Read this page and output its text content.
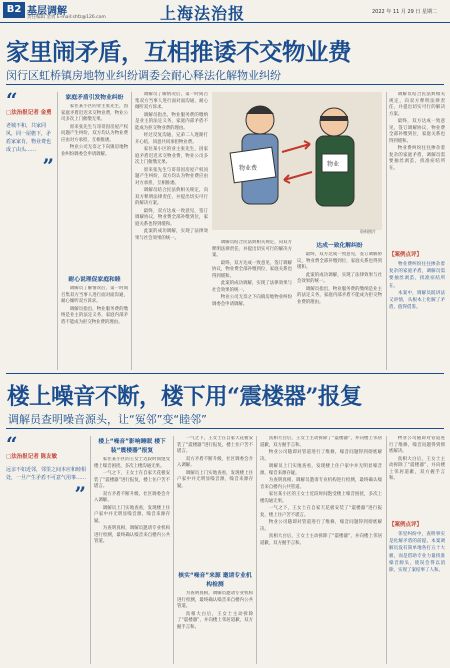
B2 基层调解
责任编辑 金勇 E-mail:shfz@126.com	上海法治报	2022 年 11 月 29 日 星期二
家里闹矛盾，互相推诿不交物业费
闵行区虹桥镇房地物业纠纷调委会耐心释法化解物业纠纷
“
□法治报记者 金勇
老城不和，共家同风，同一屋檐下，矛盾家家有，物业费也成了由头……
”
家庭矛盾引发物业纠纷

家住某小区的业主张先生，因家庭矛盾迟迟未交物业费，物业公司多次上门催缴无果。

原来张先生与哥哥因房屋产权问题产生纠纷，双方均认为物业费应由对方承担，互相推诿。

物业公司无奈之下向镇房地物业纠纷调委会申请调解。

耐心说理促家庭和睦

调解员了解情况后，第一时间召集双方当事人进行面对面沟通，耐心倾听双方诉求。

调解员指出，物业服务费的缴纳是业主的法定义务，家庭内部矛盾不能成为拒交物业费的理由。

调解员了解情况后，第一时间召集双方当事人进行面对面沟通，耐心倾听双方诉求。

调解员指出，物业服务费的缴纳是业主的法定义务，家庭内部矛盾不能成为拒交物业费的理由。

经过反复沟通，兄弟二人逐渐打开心结，同意共同承担物业费。

家住某小区的业主张先生，因家庭矛盾迟迟未交物业费，物业公司多次上门催缴无果。

原来张先生与哥哥因房屋产权问题产生纠纷，双方均认为物业费应由对方承担，互相推诿。

调解员结合民法典相关规定，向双方释明法律责任，并提出切实可行的解决方案。

最终，双方达成一致意见，签订调解协议，物业费全部补缴到位，家庭关系也得到缓和。

此案的成功调解，实现了法律效果与社会效果的统一。

物业费
物业
资料图片

调解员结合民法典相关规定，向双方释明法律责任，并提出切实可行的解决方案。

最终，双方达成一致意见，签订调解协议，物业费全部补缴到位，家庭关系也得到缓和。

此案的成功调解，实现了法律效果与社会效果的统一。

物业公司无奈之下向镇房地物业纠纷调委会申请调解。

达成一致化解纠纷

最终，双方达成一致意见，签订调解协议，物业费全部补缴到位，家庭关系也得到缓和。

此案的成功调解，实现了法律效果与社会效果的统一。

调解员指出，物业服务费的缴纳是业主的法定义务，家庭内部矛盾不能成为拒交物业费的理由。

调解员结合民法典相关规定，向双方释明法律责任，并提出切实可行的解决方案。

最终，双方达成一致意见，签订调解协议，物业费全部补缴到位，家庭关系也得到缓和。

物业费纠纷往往掺杂着复杂的家庭矛盾，调解员需要抽丝剥茧，找准症结所在。

【案例点评】

物业费纠纷往往掺杂着复杂的家庭矛盾，调解员需要抽丝剥茧，找准症结所在。

本案中，调解员既讲法又讲情，从根本上化解了矛盾，值得借鉴。

楼上噪音不断，楼下用“震楼器”报复
调解员查明噪音源头，让“冤邻”变“睦邻”
“
□法治报记者 陈友敏
远亲不如近邻，邻里之间本应和睦相处，一旦产生矛盾不可意气用事……
”
楼上“噪音”影响睡眠 楼下装“震楼器”报复

家住某小区的王女士近段时间饱受楼上噪音困扰，多次上楼沟通无果。

一气之下，王女士在自家天花板安装了“震楼器”进行报复，楼上住户苦不堪言。

双方矛盾不断升级，社区调委会介入调解。

调解员上门实地查看，发现楼上住户家中并无明显噪音源，噪音来源存疑。

为查明真相，调解员邀请专业机构进行检测，最终确认噪音来自楼内公共管道。

一气之下，王女士在自家天花板安装了“震楼器”进行报复，楼上住户苦不堪言。

双方矛盾不断升级，社区调委会介入调解。

调解员上门实地查看，发现楼上住户家中并无明显噪音源，噪音来源存疑。

核实“噪音”来源 邀请专业机构检测

为查明真相，调解员邀请专业机构进行检测，最终确认噪音来自楼内公共管道。

真相大白后，王女士主动拆除了“震楼器”，并向楼上邻居道歉，双方握手言和。

真相大白后，王女士主动拆除了“震楼器”，并向楼上邻居道歉，双方握手言和。

物业公司随即对管道进行了维修，噪音问题得到彻底解决。

调解员上门实地查看，发现楼上住户家中并无明显噪音源，噪音来源存疑。

为查明真相，调解员邀请专业机构进行检测，最终确认噪音来自楼内公共管道。

家住某小区的王女士近段时间饱受楼上噪音困扰，多次上楼沟通无果。

一气之下，王女士在自家天花板安装了“震楼器”进行报复，楼上住户苦不堪言。

物业公司随即对管道进行了维修，噪音问题得到彻底解决。

真相大白后，王女士主动拆除了“震楼器”，并向楼上邻居道歉，双方握手言和。

物业公司随即对管道进行了维修，噪音问题得到彻底解决。

真相大白后，王女士主动拆除了“震楼器”，并向楼上邻居道歉，双方握手言和。

【案例点评】

邻里纠纷中，查明事实是化解矛盾的前提。本案调解员没有简单地各打五十大板，而是借助专业力量找准噪音源头，使误会得以消除，实现了案结事了人和。
